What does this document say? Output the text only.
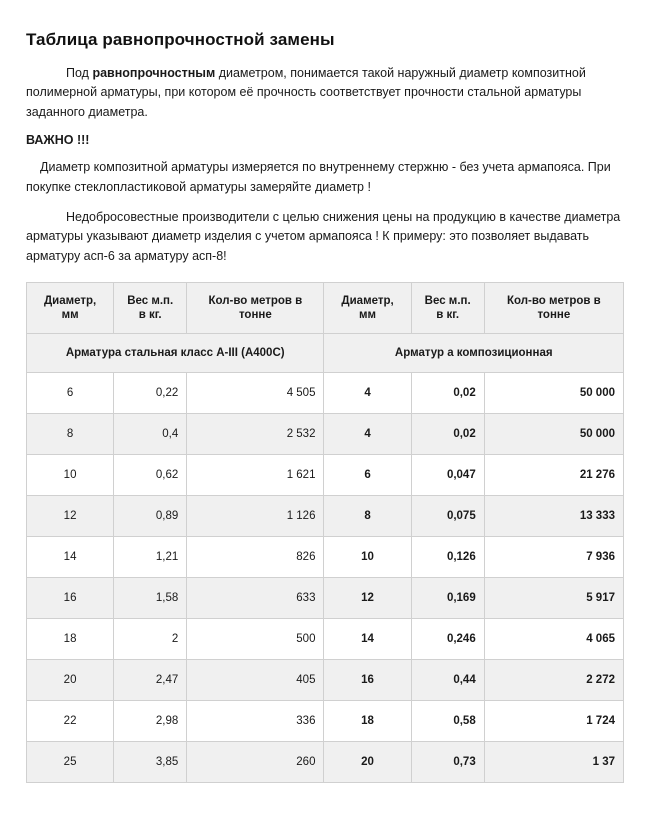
Таблица равнопрочностной замены

Под равнопрочностным диаметром, понимается такой наружный диаметр композитной полимерной арматуры, при котором её прочность соответствует прочности стальной арматуры заданного диаметра.

ВАЖНО !!!

Диаметр композитной арматуры измеряется по внутреннему стержню - без учета армапояса. При покупке стеклопластиковой арматуры замеряйте диаметр !

Недобросовестные производители с целью снижения цены на продукцию в качестве диаметра арматуры указывают диаметр изделия с учетом армапояса ! К примеру: это позволяет выдавать арматуру асп-6 за арматуру асп-8!

Диаметр, мм	Вес м.п. в кг.	Кол-во метров в тонне	Диаметр, мм	Вес м.п. в кг.	Кол-во метров в тонне
Арматура стальная класс A-III (A400C)			Арматур а композиционная		
6	0,22	4 505	4	0,02	50 000
8	0,4	2 532	4	0,02	50 000
10	0,62	1 621	6	0,047	21 276
12	0,89	1 126	8	0,075	13 333
14	1,21	826	10	0,126	7 936
16	1,58	633	12	0,169	5 917
18	2	500	14	0,246	4 065
20	2,47	405	16	0,44	2 272
22	2,98	336	18	0,58	1 724
25	3,85	260	20	0,73	1 37
